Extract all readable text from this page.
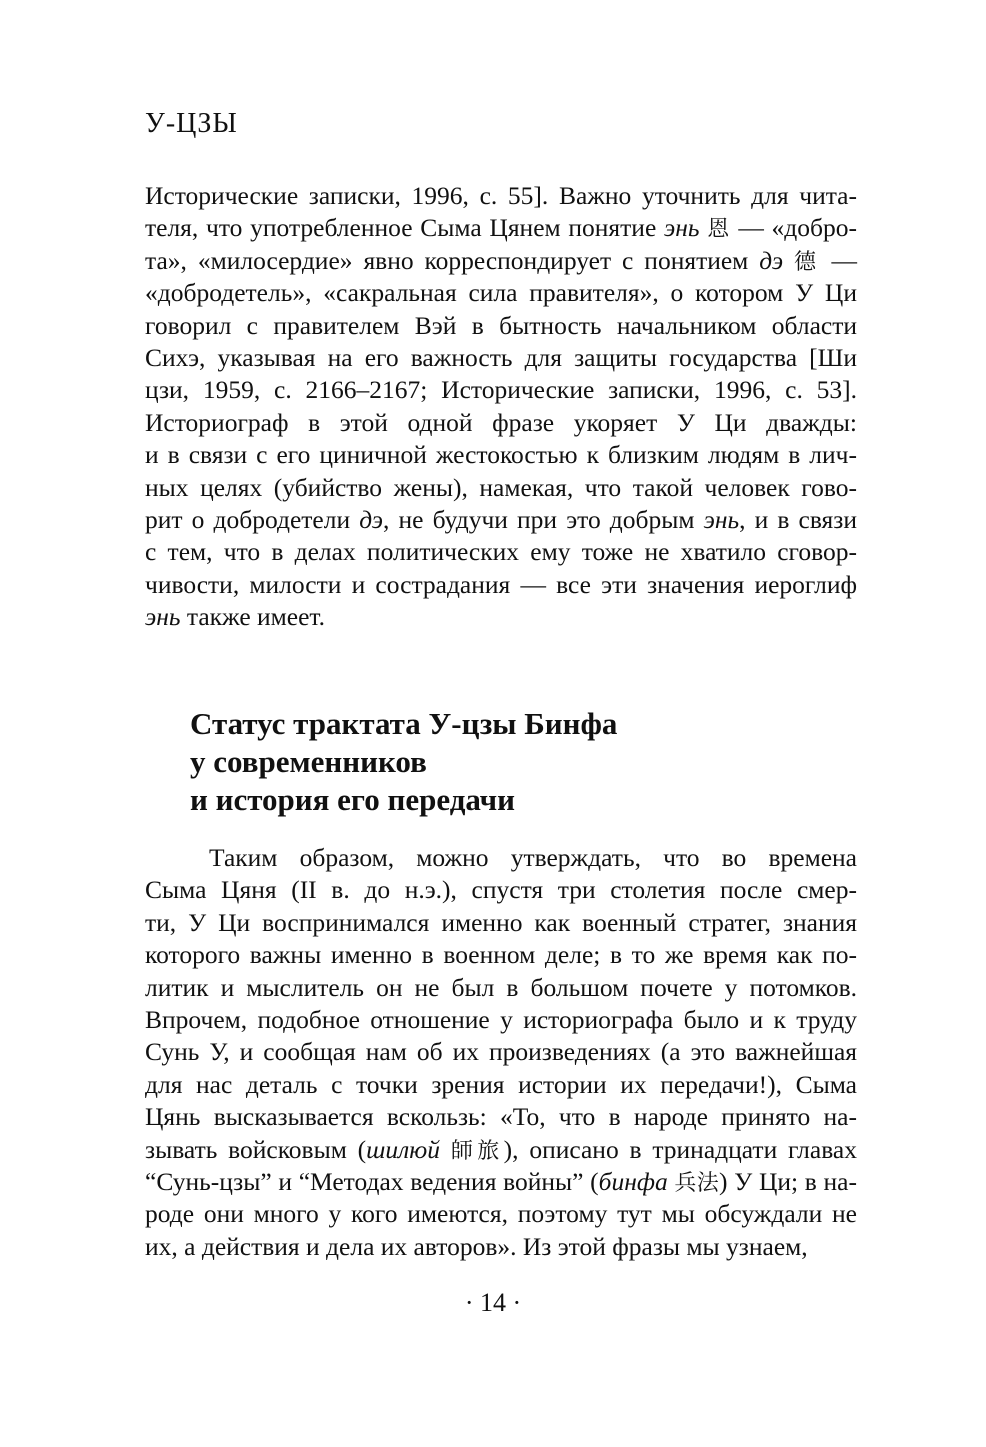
У-ЦЗЫ
Исторические записки, 1996, с. 55]. Важно уточнить для чита-
теля, что употребленное Сыма Цянем понятие энь 恩 — «добро-
та», «милосердие» явно корреспондирует с понятием дэ 德 —
«добродетель», «сакральная сила правителя», о котором У Ци
говорил с правителем Вэй в бытность начальником области
Сихэ, указывая на его важность для защиты государства [Ши
цзи, 1959, с. 2166–2167; Исторические записки, 1996, с. 53].
Историограф в этой одной фразе укоряет У Ци дважды:
и в связи с его циничной жестокостью к близким людям в лич-
ных целях (убийство жены), намекая, что такой человек гово-
рит о добродетели дэ, не будучи при это добрым энь, и в связи
с тем, что в делах политических ему тоже не хватило сговор-
чивости, милости и сострадания — все эти значения иероглиф
энь также имеет.
Статус трактата У-цзы Бинфа
у современников
и история его передачи
Таким образом, можно утверждать, что во времена
Сыма Цяня (II в. до н.э.), спустя три столетия после смер-
ти, У Ци воспринимался именно как военный стратег, знания
которого важны именно в военном деле; в то же время как по-
литик и мыслитель он не был в большом почете у потомков.
Впрочем, подобное отношение у историографа было и к труду
Сунь У, и сообщая нам об их произведениях (а это важнейшая
для нас деталь с точки зрения истории их передачи!), Сыма
Цянь высказывается вскользь: «То, что в народе принято на-
зывать войсковым (шилюй 師旅), описано в тринадцати главах
“Сунь-цзы” и “Методах ведения войны” (бинфа 兵法) У Ци; в на-
роде они много у кого имеются, поэтому тут мы обсуждали не
их, а действия и дела их авторов». Из этой фразы мы узнаем,
· 14 ·
